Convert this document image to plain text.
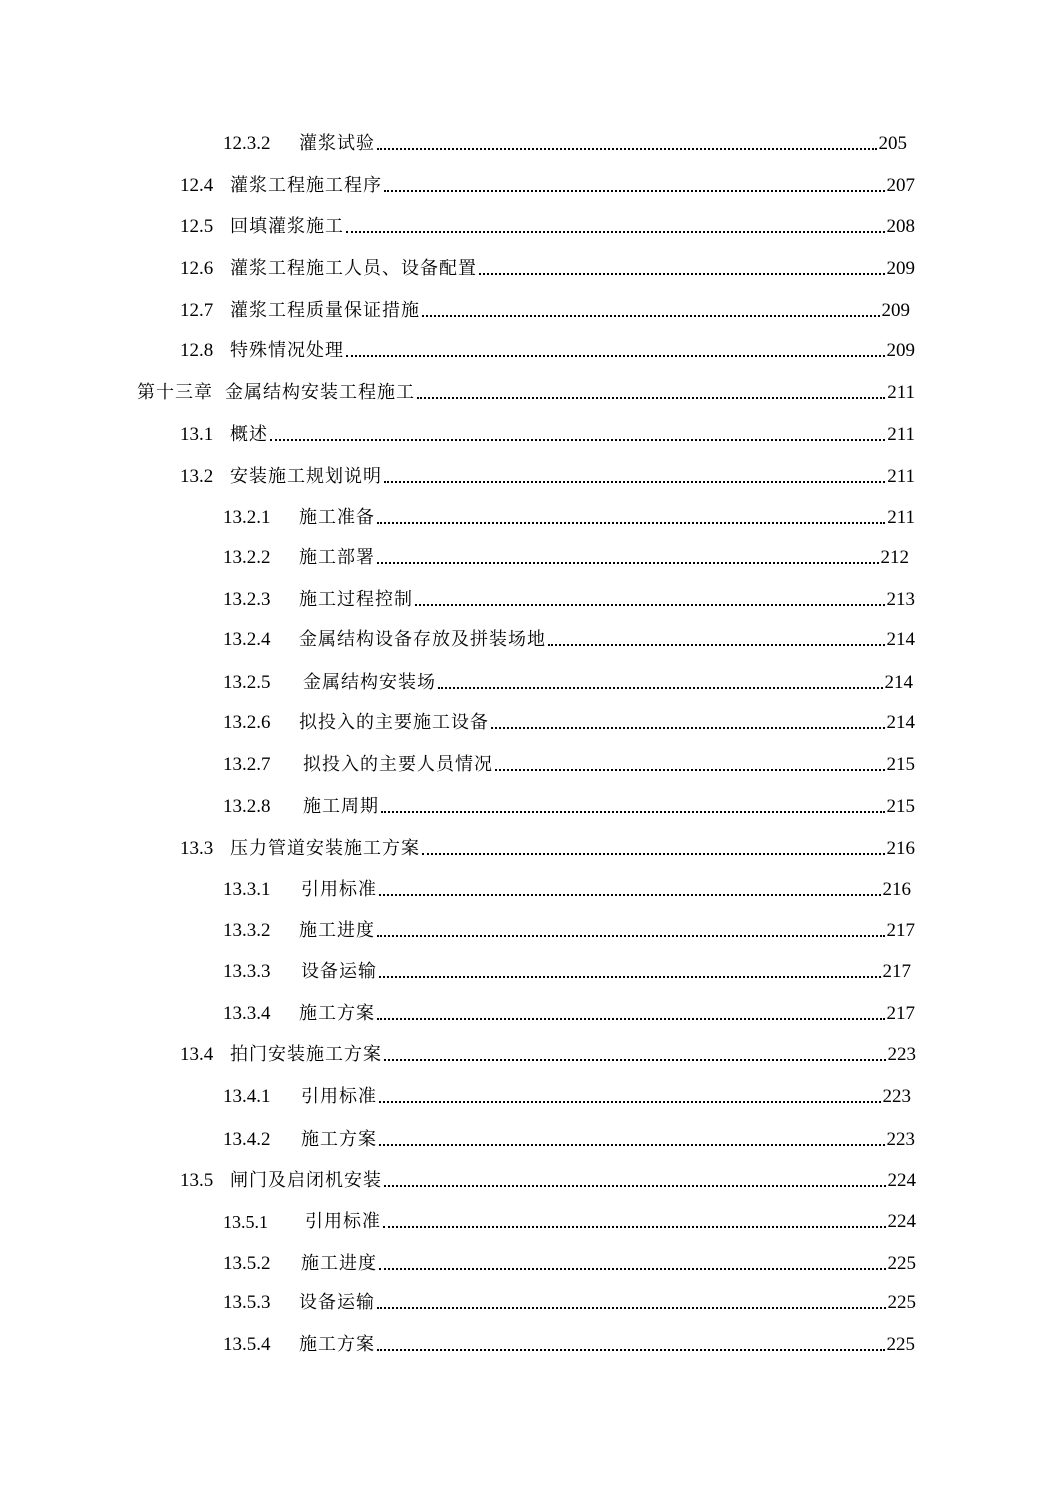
12.3.2	灌浆试验	205
12.4 灌浆工程施工程序	207
12.5 回填灌浆施工	208
12.6 灌浆工程施工人员、设备配置	209
12.7 灌浆工程质量保证措施	209
12.8 特殊情况处理	209
第十三章 金属结构安装工程施工	211
13.1 概述	211
13.2 安装施工规划说明	211
13.2.1	施工准备	211
13.2.2	施工部署	212
13.2.3	施工过程控制	213
13.2.4	金属结构设备存放及拼装场地	214
13.2.5	金属结构安装场	214
13.2.6	拟投入的主要施工设备	214
13.2.7	拟投入的主要人员情况	215
13.2.8	施工周期	215
13.3 压力管道安装施工方案	216
13.3.1	引用标准	216
13.3.2	施工进度	217
13.3.3	设备运输	217
13.3.4	施工方案	217
13.4 拍门安装施工方案	223
13.4.1	引用标准	223
13.4.2	施工方案	223
13.5 闸门及启闭机安装	224
13.5.1	引用标准	224
13.5.2	施工进度	225
13.5.3	设备运输	225
13.5.4	施工方案	225
